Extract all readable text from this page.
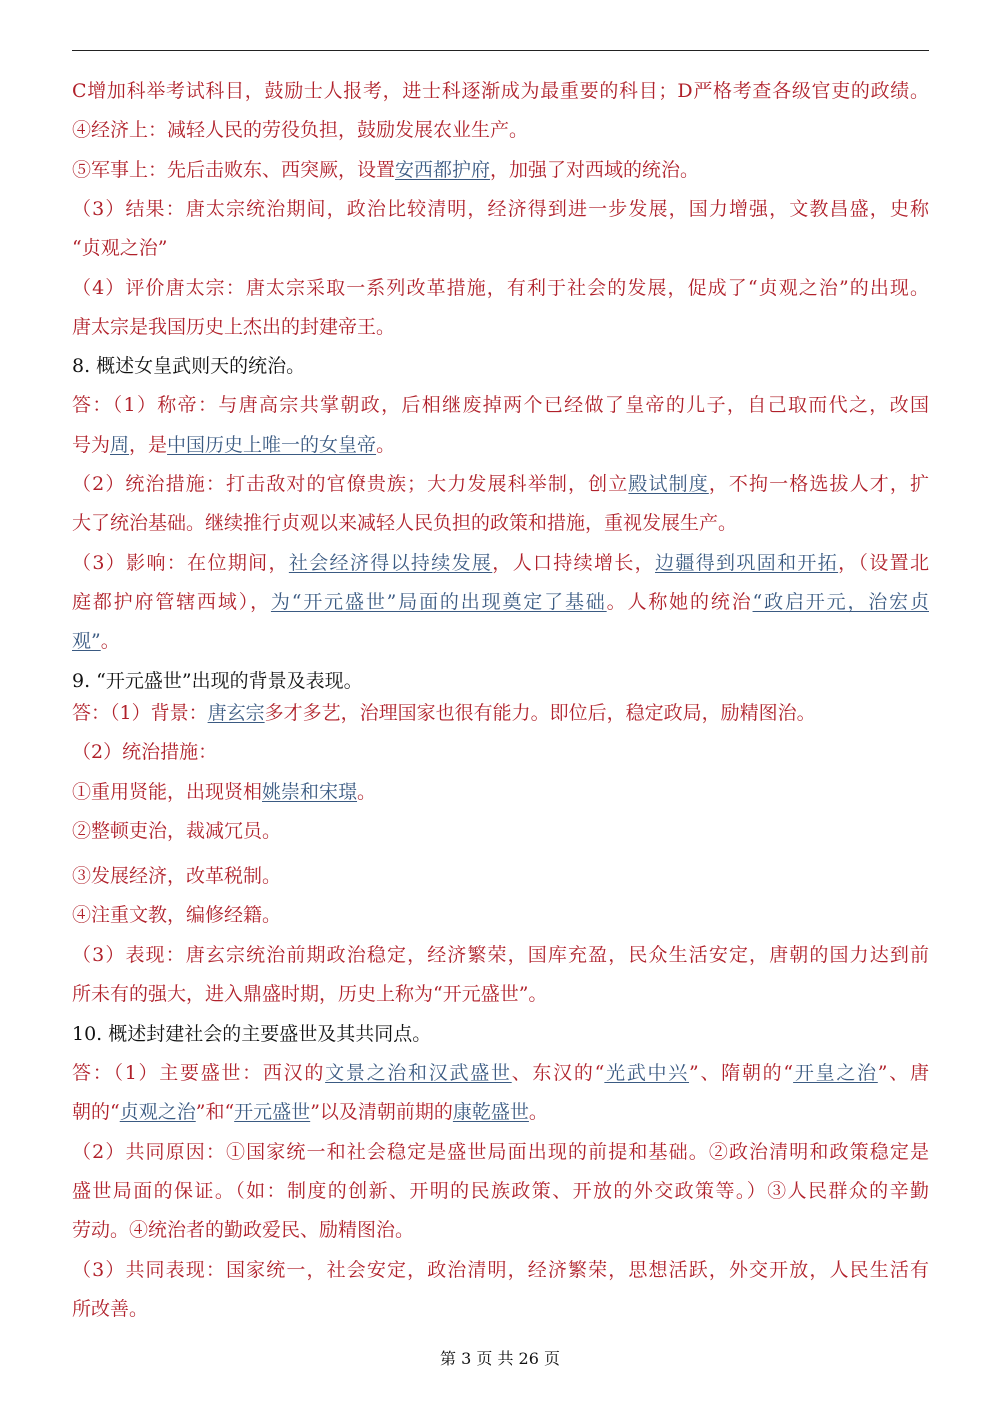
C增加科举考试科目，鼓励士人报考，进士科逐渐成为最重要的科目；D严格考查各级官吏的政绩。
④经济上：减轻人民的劳役负担，鼓励发展农业生产。
⑤军事上：先后击败东、西突厥，设置安西都护府，加强了对西域的统治。
（3）结果：唐太宗统治期间，政治比较清明，经济得到进一步发展，国力增强，文教昌盛，史称
“贞观之治”
（4）评价唐太宗：唐太宗采取一系列改革措施，有利于社会的发展，促成了“贞观之治”的出现。
唐太宗是我国历史上杰出的封建帝王。
8. 概述女皇武则天的统治。
答：（1）称帝：与唐高宗共掌朝政，后相继废掉两个已经做了皇帝的儿子，自己取而代之，改国
号为周，是中国历史上唯一的女皇帝。
（2）统治措施：打击敌对的官僚贵族；大力发展科举制，创立殿试制度，不拘一格选拔人才，扩
大了统治基础。继续推行贞观以来减轻人民负担的政策和措施，重视发展生产。
（3）影响：在位期间，社会经济得以持续发展，人口持续增长，边疆得到巩固和开拓，（设置北
庭都护府管辖西域），为“开元盛世”局面的出现奠定了基础。人称她的统治“政启开元，治宏贞
观”。
9. “开元盛世”出现的背景及表现。
答：（1）背景：唐玄宗多才多艺，治理国家也很有能力。即位后，稳定政局，励精图治。
（2）统治措施：
①重用贤能，出现贤相姚崇和宋璟。
②整顿吏治，裁减冗员。
③发展经济，改革税制。
④注重文教，编修经籍。
（3）表现：唐玄宗统治前期政治稳定，经济繁荣，国库充盈，民众生活安定，唐朝的国力达到前
所未有的强大，进入鼎盛时期，历史上称为“开元盛世”。
10. 概述封建社会的主要盛世及其共同点。
答：（1）主要盛世：西汉的文景之治和汉武盛世、东汉的“光武中兴”、隋朝的“开皇之治”、唐
朝的“贞观之治”和“开元盛世”以及清朝前期的康乾盛世。
（2）共同原因：①国家统一和社会稳定是盛世局面出现的前提和基础。②政治清明和政策稳定是
盛世局面的保证。（如：制度的创新、开明的民族政策、开放的外交政策等。）③人民群众的辛勤
劳动。④统治者的勤政爱民、励精图治。
（3）共同表现：国家统一，社会安定，政治清明，经济繁荣，思想活跃，外交开放，人民生活有
所改善。
第 3 页 共 26 页
